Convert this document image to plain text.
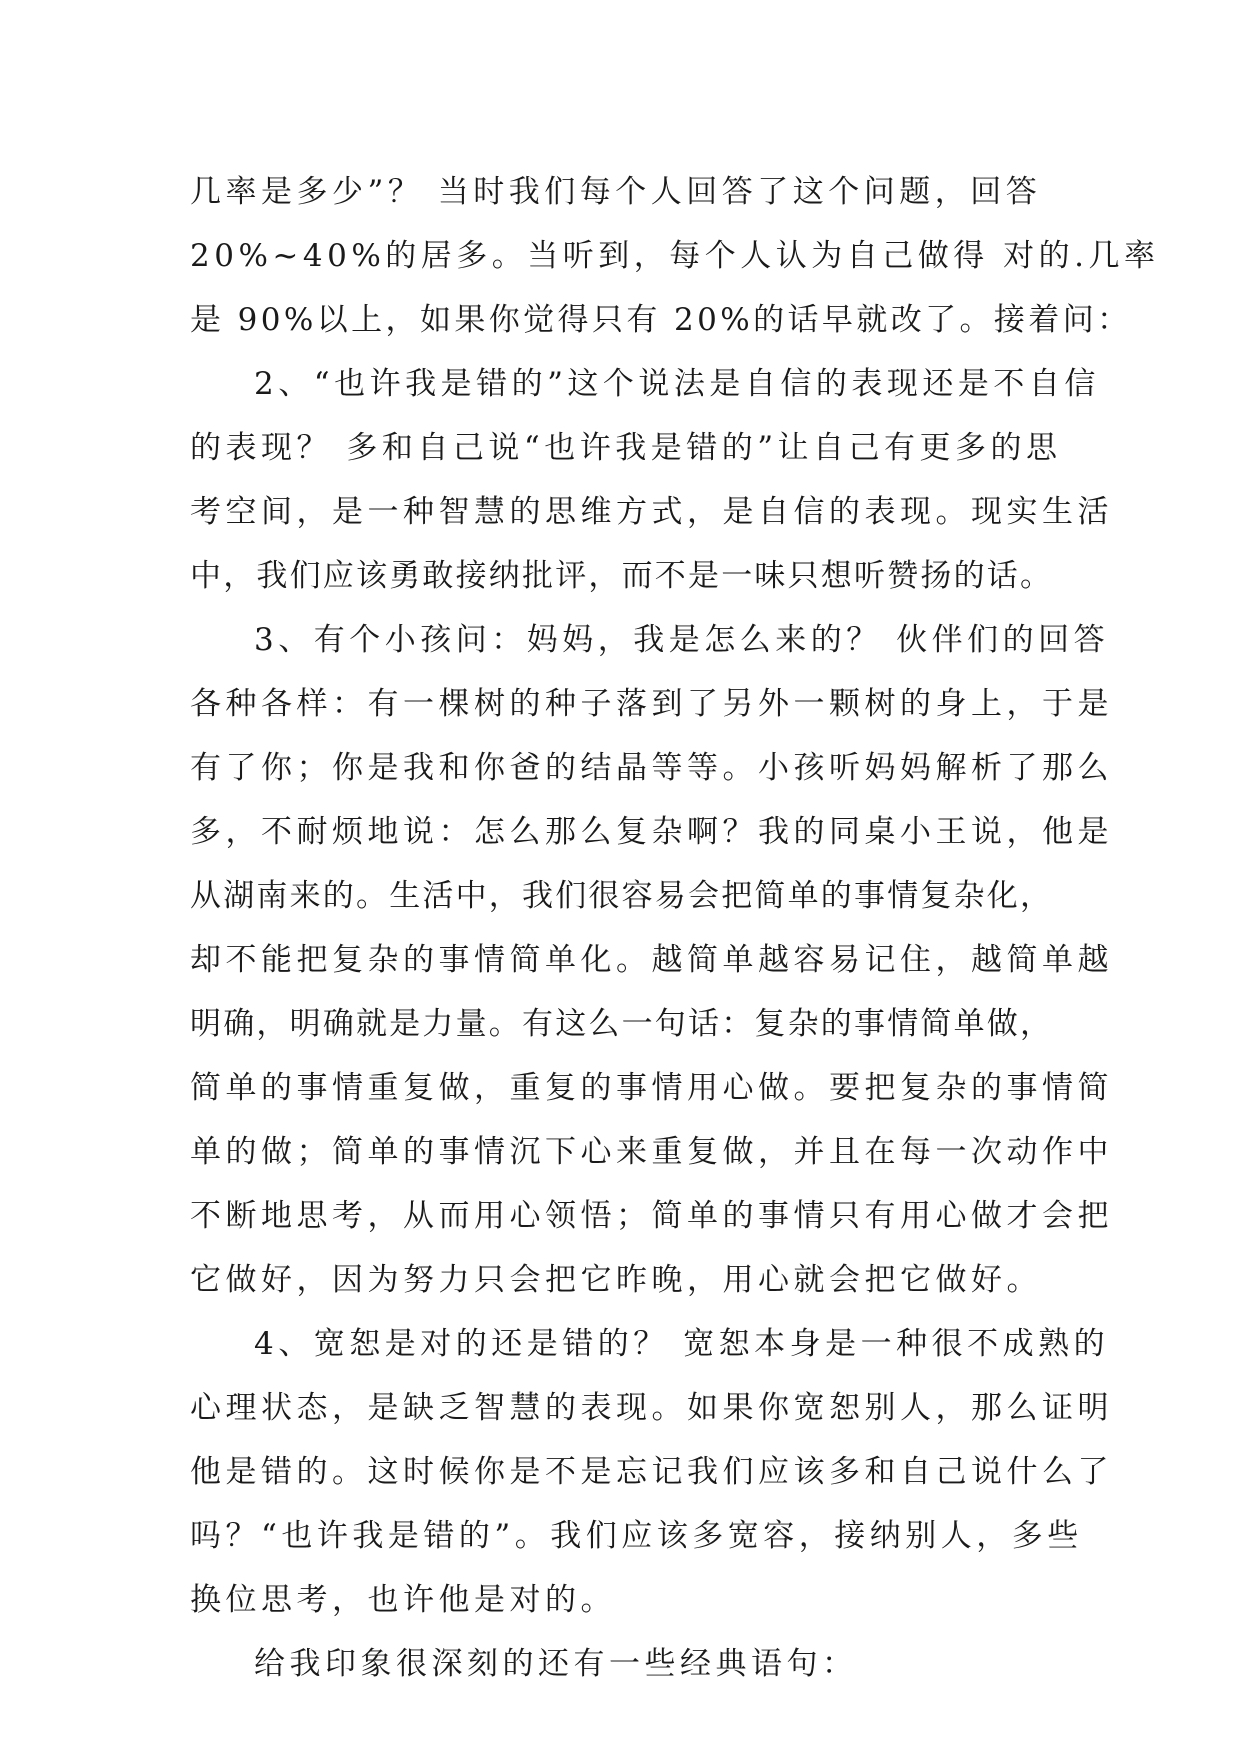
几率是多少”？ 当时我们每个人回答了这个问题，回答
20%~40%的居多。当听到，每个人认为自己做得 对的.几率
是 90%以上，如果你觉得只有 20%的话早就改了。接着问：
2、“也许我是错的”这个说法是自信的表现还是不自信
的表现？ 多和自己说“也许我是错的”让自己有更多的思
考空间，是一种智慧的思维方式，是自信的表现。现实生活
中，我们应该勇敢接纳批评，而不是一味只想听赞扬的话。
3、有个小孩问：妈妈，我是怎么来的？ 伙伴们的回答
各种各样：有一棵树的种子落到了另外一颗树的身上，于是
有了你；你是我和你爸的结晶等等。小孩听妈妈解析了那么
多，不耐烦地说：怎么那么复杂啊？我的同桌小王说，他是
从湖南来的。生活中，我们很容易会把简单的事情复杂化，
却不能把复杂的事情简单化。越简单越容易记住，越简单越
明确，明确就是力量。有这么一句话：复杂的事情简单做，
简单的事情重复做，重复的事情用心做。要把复杂的事情简
单的做；简单的事情沉下心来重复做，并且在每一次动作中
不断地思考，从而用心领悟；简单的事情只有用心做才会把
它做好，因为努力只会把它昨晚，用心就会把它做好。
4、宽恕是对的还是错的？ 宽恕本身是一种很不成熟的
心理状态，是缺乏智慧的表现。如果你宽恕别人，那么证明
他是错的。这时候你是不是忘记我们应该多和自己说什么了
吗？“也许我是错的”。我们应该多宽容，接纳别人，多些
换位思考，也许他是对的。
给我印象很深刻的还有一些经典语句：
